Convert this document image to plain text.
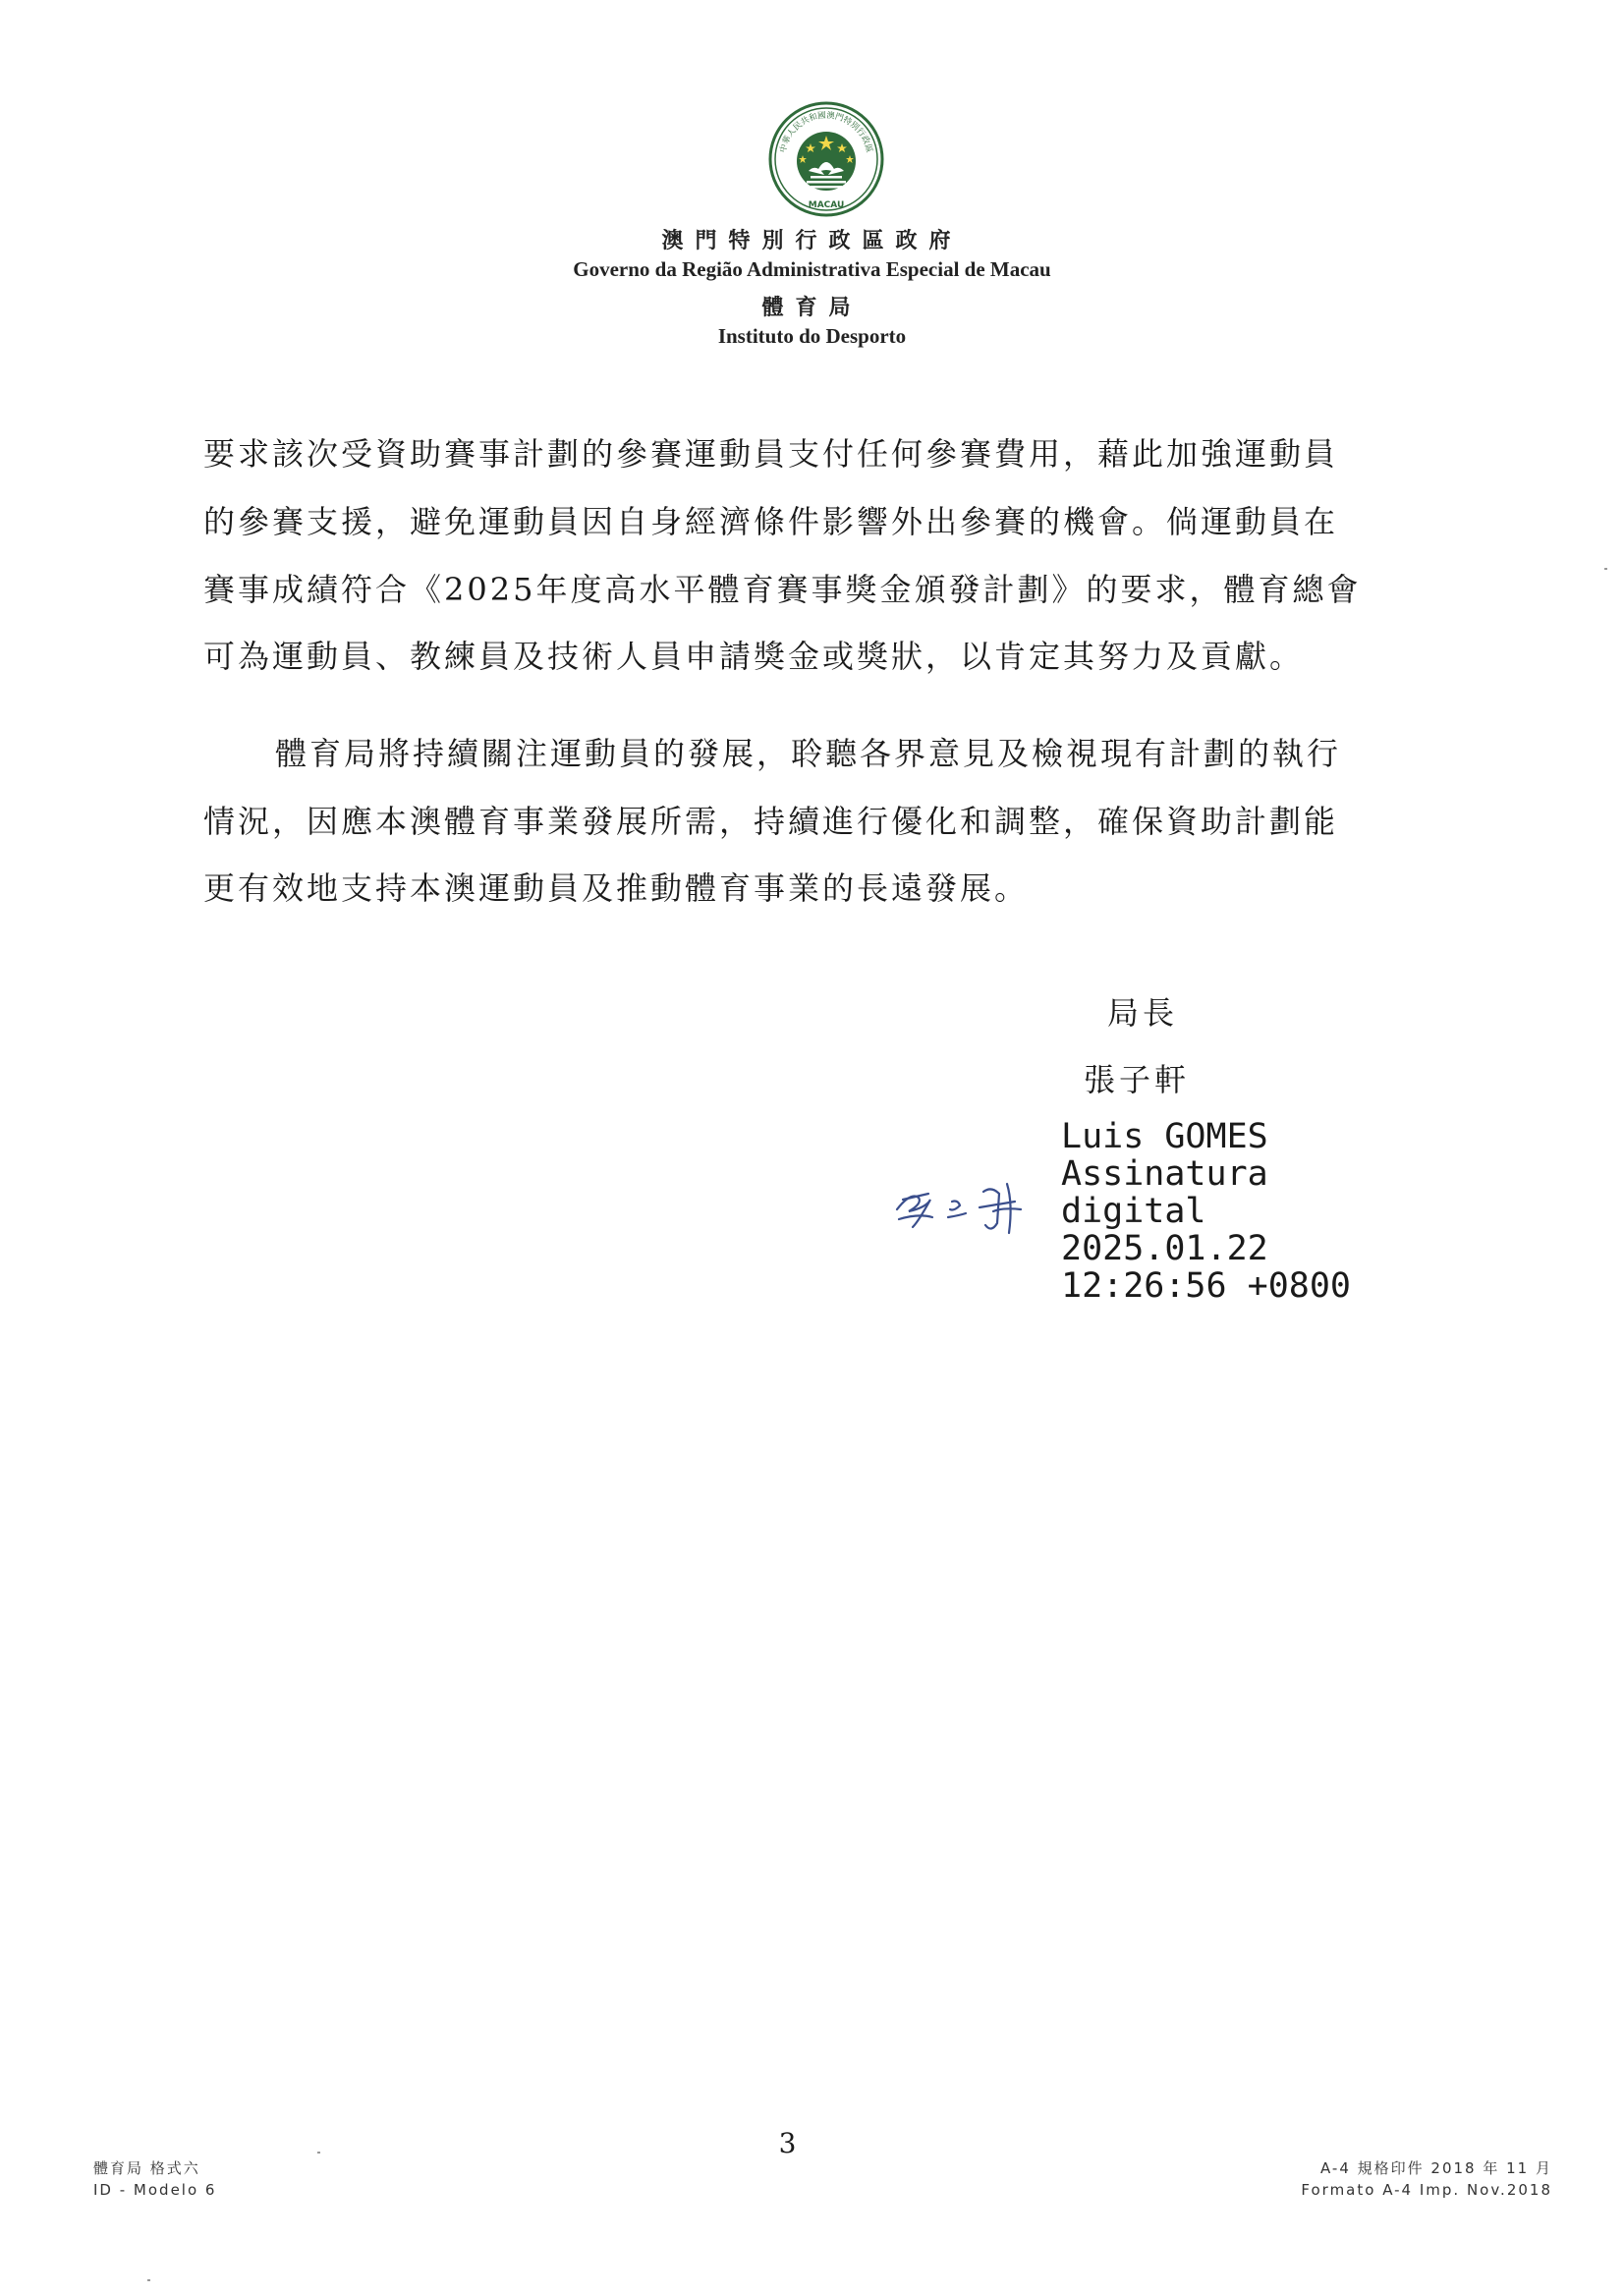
中華人民共和國澳門特別行政區
MACAU
澳門特別行政區政府
Governo da Região Administrativa Especial de Macau
體育局
Instituto do Desporto
要求該次受資助賽事計劃的參賽運動員支付任何參賽費用，藉此加強運動員
的參賽支援，避免運動員因自身經濟條件影響外出參賽的機會。倘運動員在
賽事成績符合《2025年度高水平體育賽事獎金頒發計劃》的要求，體育總會
可為運動員、教練員及技術人員申請獎金或獎狀，以肯定其努力及貢獻。
體育局將持續關注運動員的發展，聆聽各界意見及檢視現有計劃的執行
情況，因應本澳體育事業發展所需，持續進行優化和調整，確保資助計劃能
更有效地支持本澳運動員及推動體育事業的長遠發展。
局長
張子軒
Luis GOMES
Assinatura
digital
2025.01.22
12:26:56 +0800
3
體育局 格式六
ID - Modelo 6
A-4 規格印件 2018 年 11 月
Formato A-4 Imp. Nov.2018
